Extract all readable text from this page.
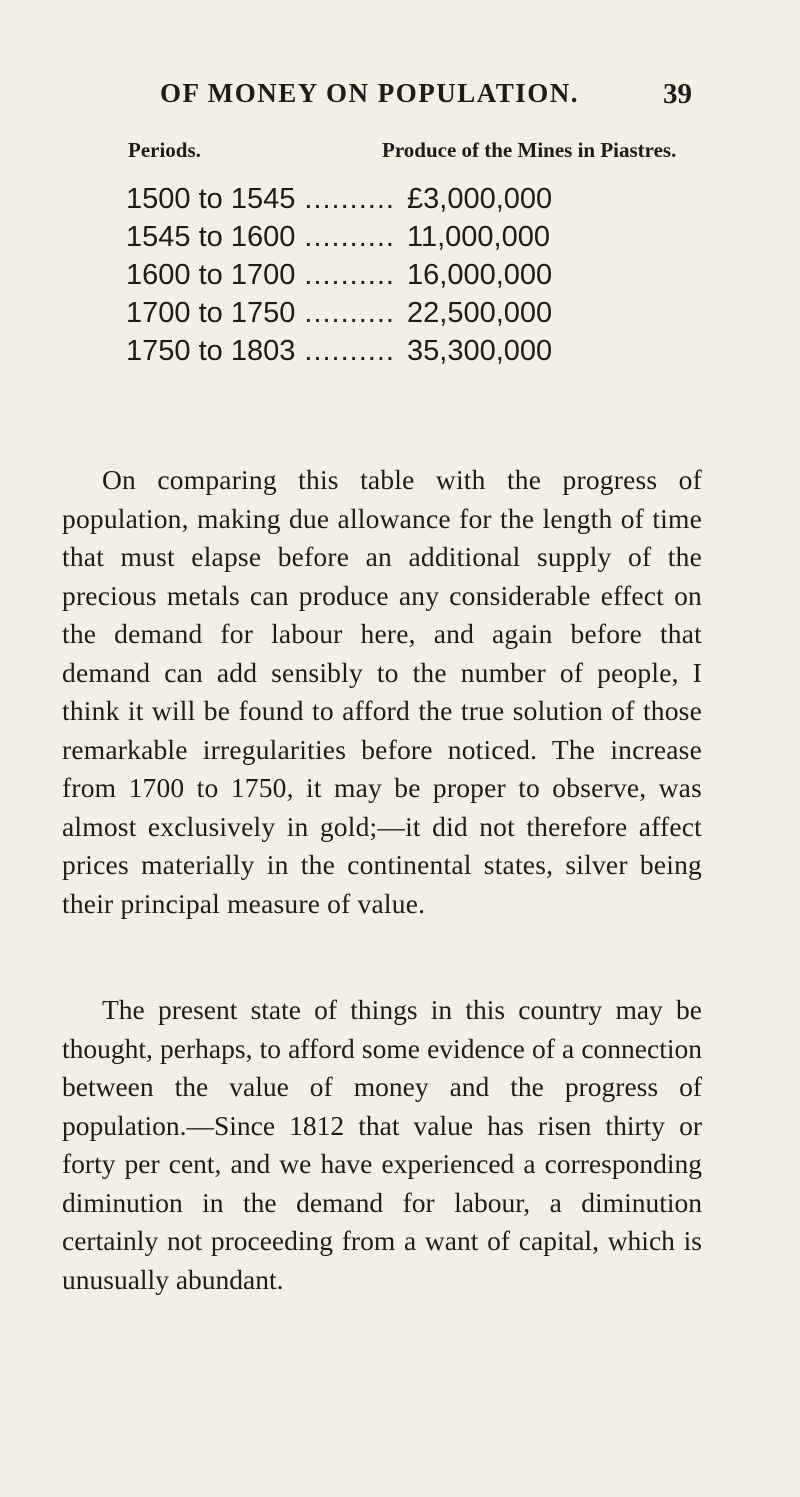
OF MONEY ON POPULATION.	39
Periods.	Produce of the Mines in Piastres.
1500 to 1545 .....	£3,000,000
1545 to 1600 .....	11,000,000
1600 to 1700 .....	16,000,000
1700 to 1750 .....	22,500,000
1750 to 1803 .....	35,300,000

On comparing this table with the progress of population, making due allowance for the length of time that must elapse before an additional supply of the precious metals can produce any considerable effect on the demand for labour here, and again before that demand can add sensibly to the number of people, I think it will be found to afford the true solution of those remarkable irregularities before noticed. The increase from 1700 to 1750, it may be proper to observe, was almost exclusively in gold;—it did not therefore affect prices materially in the continental states, silver being their principal measure of value.

The present state of things in this country may be thought, perhaps, to afford some evidence of a connection between the value of money and the progress of population.—Since 1812 that value has risen thirty or forty per cent, and we have experienced a corresponding diminution in the demand for labour, a diminution certainly not proceeding from a want of capital, which is unusually abundant.
